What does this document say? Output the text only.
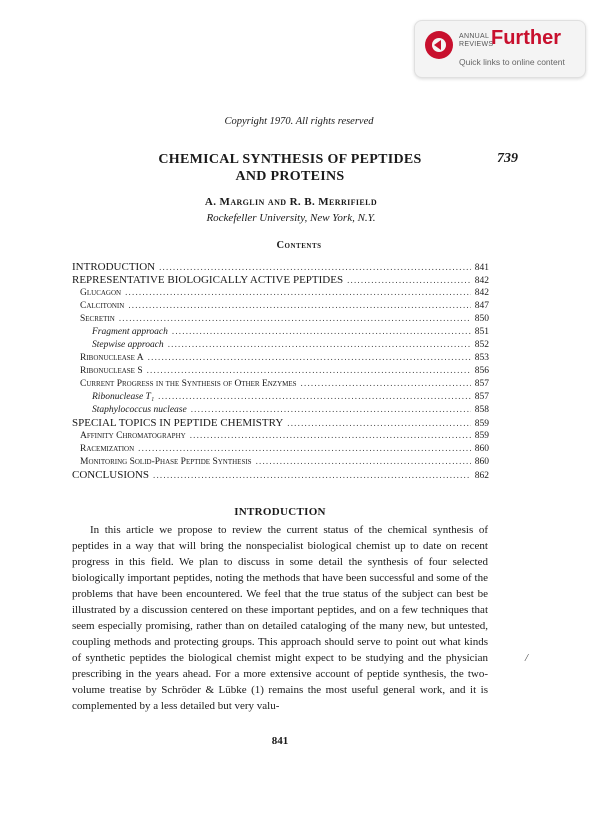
ANNUAL
REVIEWS
Further
Quick links to online content
Copyright 1970. All rights reserved
CHEMICAL SYNTHESIS OF PEPTIDES
AND PROTEINS
739
A. Marglin and R. B. Merrifield
Rockefeller University, New York, N.Y.
Contents
INTRODUCTION .....	841
REPRESENTATIVE BIOLOGICALLY ACTIVE PEPTIDES .....	842
Glucagon .....	842
Calcitonin .....	847
Secretin .....	850
Fragment approach .....	851
Stepwise approach .....	852
Ribonuclease A .....	853
Ribonuclease S .....	856
Current Progress in the Synthesis of Other Enzymes .....	857
Ribonuclease T₁ .....	857
Staphylococcus nuclease .....	858
SPECIAL TOPICS IN PEPTIDE CHEMISTRY .....	859
Affinity Chromatography .....	859
Racemization .....	860
Monitoring Solid-Phase Peptide Synthesis .....	860
CONCLUSIONS .....	862
INTRODUCTION
In this article we propose to review the current status of the chemical synthesis of peptides in a way that will bring the nonspecialist biological chemist up to date on recent progress in this field. We plan to discuss in some detail the synthesis of four selected biologically important peptides, noting the methods that have been successful and some of the problems that have been encountered. We feel that the true status of the subject can best be illustrated by a discussion centered on these important peptides, and on a few techniques that seem especially promising, rather than on detailed cataloging of the many new, but untested, coupling methods and protecting groups. This approach should serve to point out what kinds of synthetic peptides the biological chemist might expect to be studying and the physician prescribing in the years ahead. For a more extensive account of peptide synthesis, the two-volume treatise by Schröder & Lübke (1) remains the most useful general work, and it is complemented by a less detailed but very valu-
/
841
